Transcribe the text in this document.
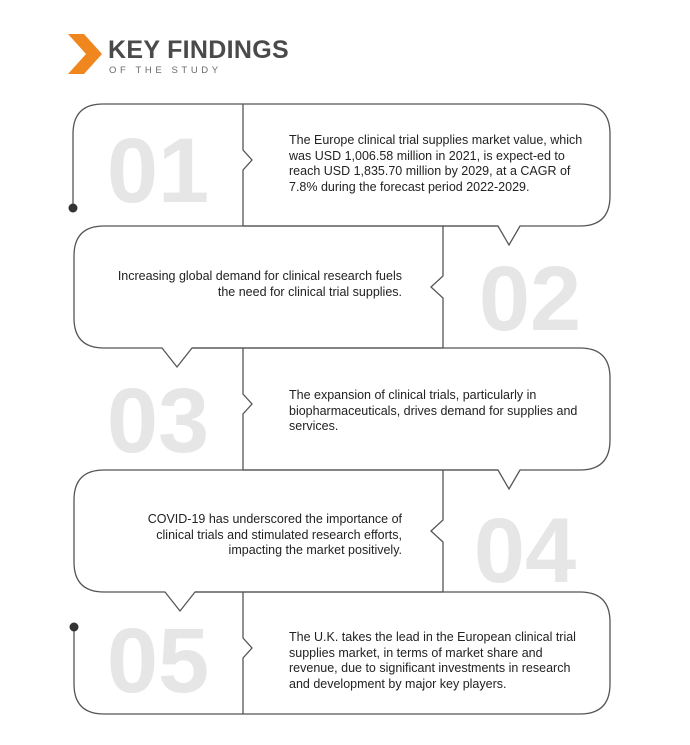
KEY FINDINGS
OF THE STUDY
01
02
03
04
05
The Europe clinical trial supplies market value, which was USD 1,006.58 million in 2021, is expect-ed to reach USD 1,835.70 million by 2029, at a CAGR of 7.8% during the forecast period 2022-2029.
Increasing global demand for clinical research fuels the need for clinical trial supplies.
The expansion of clinical trials, particularly in biopharmaceuticals, drives demand for supplies and services.
COVID-19 has underscored the importance of clinical trials and stimulated research efforts, impacting the market positively.
The U.K. takes the lead in the European clinical trial supplies market, in terms of market share and revenue, due to significant investments in research and development by major key players.
